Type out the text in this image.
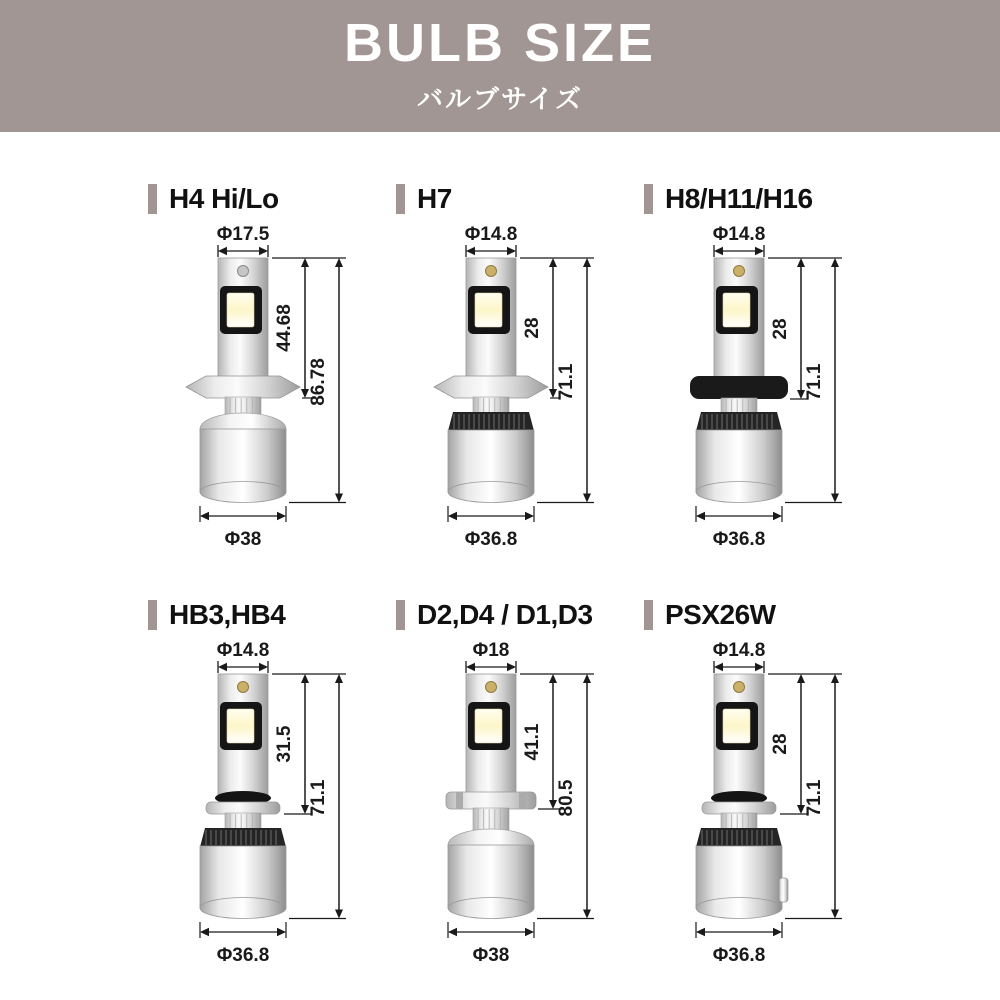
BULB SIZE
バルブサイズ
H4 Hi/Lo
Φ17.5
44.68
86.78
Φ38
H7
Φ14.8
28
71.1
Φ36.8
H8/H11/H16
Φ14.8
28
71.1
Φ36.8
HB3,HB4
Φ14.8
31.5
71.1
Φ36.8
D2,D4 / D1,D3
Φ18
41.1
80.5
Φ38
PSX26W
Φ14.8
28
71.1
Φ36.8
